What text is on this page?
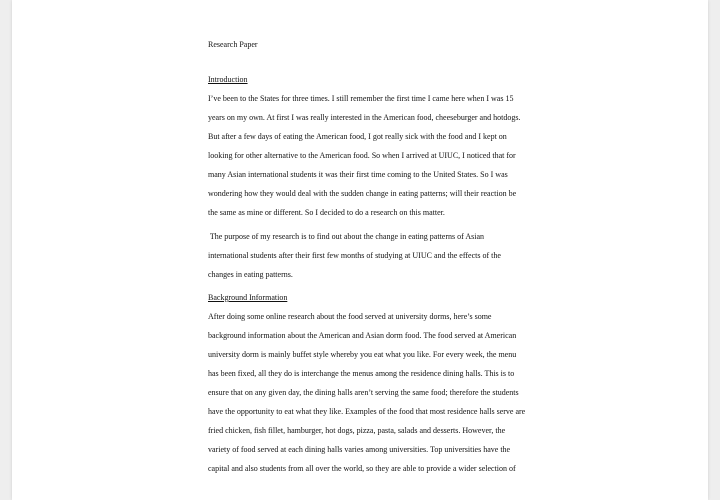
Research Paper
Introduction
I’ve been to the States for three times. I still remember the first time I came here when I was 15
years on my own. At first I was really interested in the American food, cheeseburger and hotdogs.
But after a few days of eating the American food, I got really sick with the food and I kept on
looking for other alternative to the American food. So when I arrived at UIUC, I noticed that for
many Asian international students it was their first time coming to the United States. So I was
wondering how they would deal with the sudden change in eating patterns; will their reaction be
the same as mine or different. So I decided to do a research on this matter.
The purpose of my research is to find out about the change in eating patterns of Asian
international students after their first few months of studying at UIUC and the effects of the
changes in eating patterns.
Background Information
After doing some online research about the food served at university dorms, here’s some
background information about the American and Asian dorm food. The food served at American
university dorm is mainly buffet style whereby you eat what you like. For every week, the menu
has been fixed, all they do is interchange the menus among the residence dining halls. This is to
ensure that on any given day, the dining halls aren’t serving the same food; therefore the students
have the opportunity to eat what they like. Examples of the food that most residence halls serve are
fried chicken, fish fillet, hamburger, hot dogs, pizza, pasta, salads and desserts. However, the
variety of food served at each dining halls varies among universities. Top universities have the
capital and also students from all over the world, so they are able to provide a wider selection of
